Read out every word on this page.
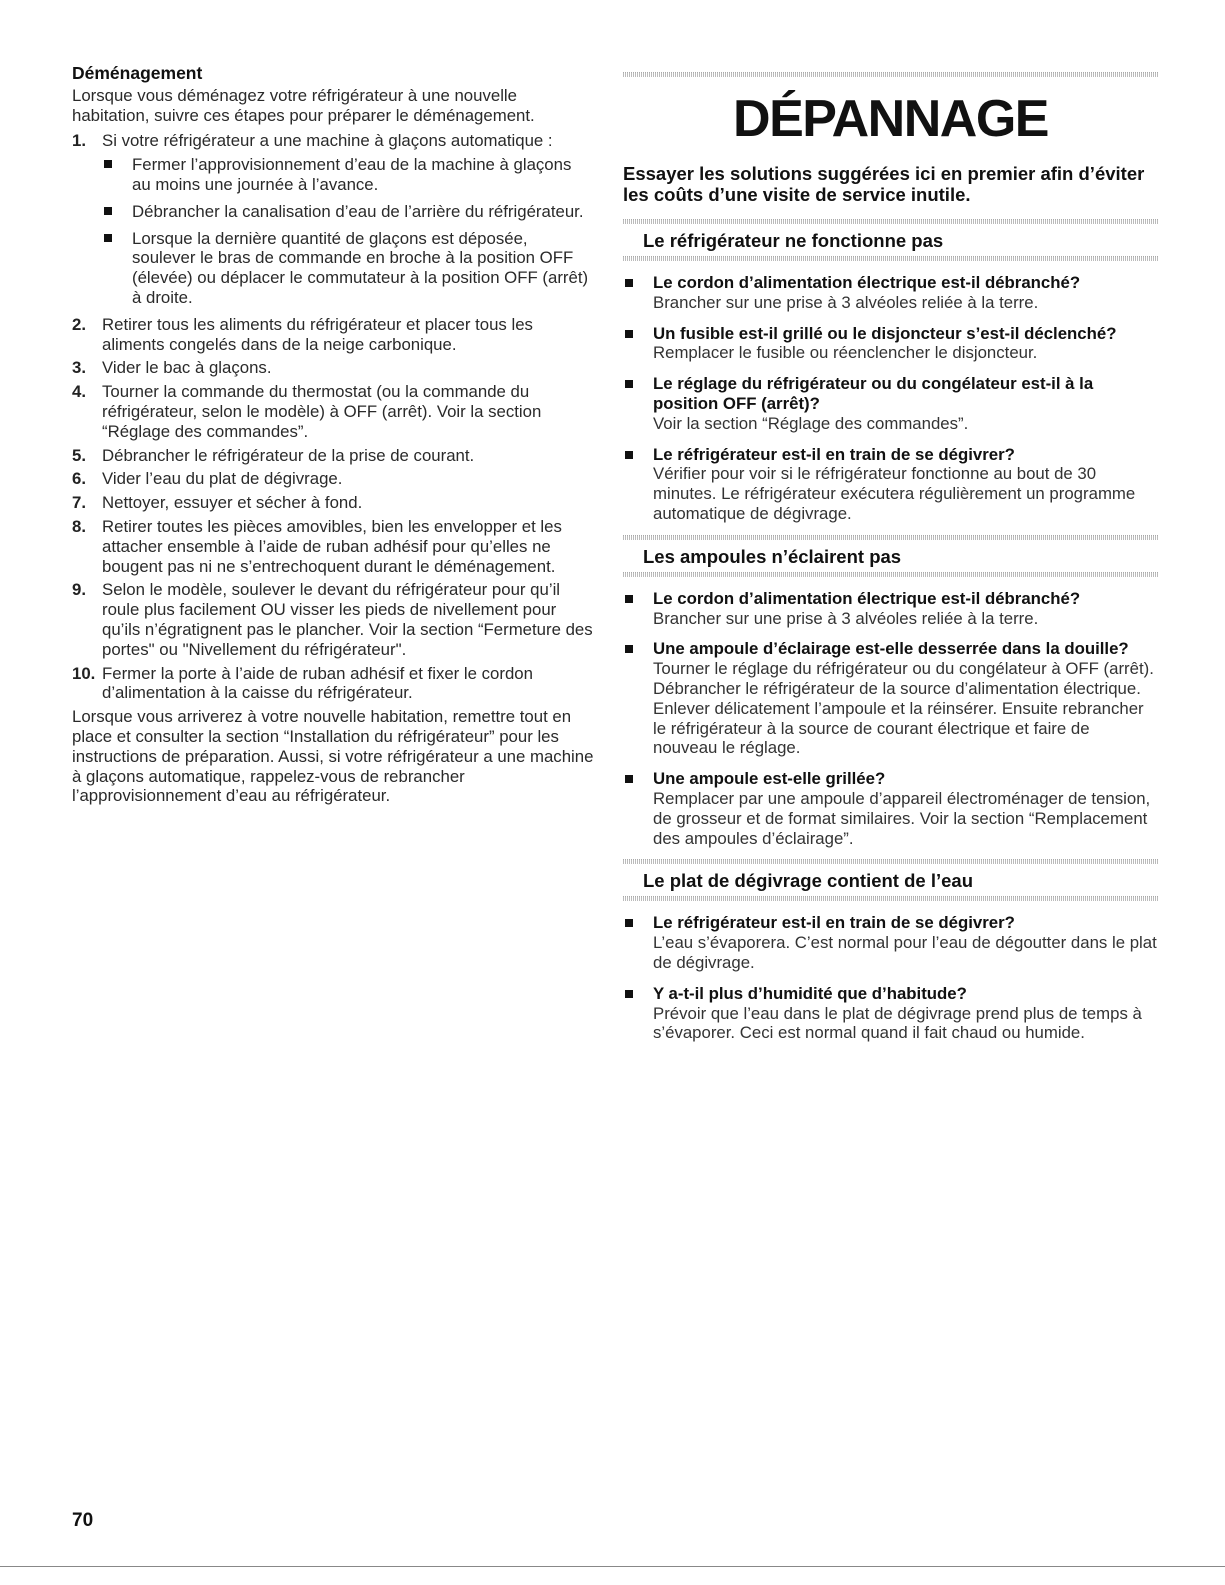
Déménagement

Lorsque vous déménagez votre réfrigérateur à une nouvelle habitation, suivre ces étapes pour préparer le déménagement.

1. Si votre réfrigérateur a une machine à glaçons automatique :
Fermer l’approvisionnement d’eau de la machine à glaçons au moins une journée à l’avance.
Débrancher la canalisation d’eau de l’arrière du réfrigérateur.
Lorsque la dernière quantité de glaçons est déposée, soulever le bras de commande en broche à la position OFF (élevée) ou déplacer le commutateur à la position OFF (arrêt) à droite.
2. Retirer tous les aliments du réfrigérateur et placer tous les aliments congelés dans de la neige carbonique.
3. Vider le bac à glaçons.
4. Tourner la commande du thermostat (ou la commande du réfrigérateur, selon le modèle) à OFF (arrêt). Voir la section “Réglage des commandes”.
5. Débrancher le réfrigérateur de la prise de courant.
6. Vider l’eau du plat de dégivrage.
7. Nettoyer, essuyer et sécher à fond.
8. Retirer toutes les pièces amovibles, bien les envelopper et les attacher ensemble à l’aide de ruban adhésif pour qu’elles ne bougent pas ni ne s’entrechoquent durant le déménagement.
9. Selon le modèle, soulever le devant du réfrigérateur pour qu’il roule plus facilement OU visser les pieds de nivellement pour qu’ils n’égratignent pas le plancher. Voir la section “Fermeture des portes" ou "Nivellement du réfrigérateur".
10. Fermer la porte à l’aide de ruban adhésif et fixer le cordon d’alimentation à la caisse du réfrigérateur.

Lorsque vous arriverez à votre nouvelle habitation, remettre tout en place et consulter la section “Installation du réfrigérateur” pour les instructions de préparation. Aussi, si votre réfrigérateur a une machine à glaçons automatique, rappelez-vous de rebrancher l’approvisionnement d’eau au réfrigérateur.

DÉPANNAGE
Essayer les solutions suggérées ici en premier afin d’éviter les coûts d’une visite de service inutile.
Le réfrigérateur ne fonctionne pas
Le cordon d’alimentation électrique est-il débranché?
Brancher sur une prise à 3 alvéoles reliée à la terre.
Un fusible est-il grillé ou le disjoncteur s’est-il déclenché?
Remplacer le fusible ou réenclencher le disjoncteur.
Le réglage du réfrigérateur ou du congélateur est-il à la position OFF (arrêt)?
Voir la section “Réglage des commandes”.
Le réfrigérateur est-il en train de se dégivrer?
Vérifier pour voir si le réfrigérateur fonctionne au bout de 30 minutes. Le réfrigérateur exécutera régulièrement un programme automatique de dégivrage.
Les ampoules n’éclairent pas
Le cordon d’alimentation électrique est-il débranché?
Brancher sur une prise à 3 alvéoles reliée à la terre.
Une ampoule d’éclairage est-elle desserrée dans la douille?
Tourner le réglage du réfrigérateur ou du congélateur à OFF (arrêt). Débrancher le réfrigérateur de la source d’alimentation électrique. Enlever délicatement l’ampoule et la réinsérer. Ensuite rebrancher le réfrigérateur à la source de courant électrique et faire de nouveau le réglage.
Une ampoule est-elle grillée?
Remplacer par une ampoule d’appareil électroménager de tension, de grosseur et de format similaires. Voir la section “Remplacement des ampoules d’éclairage”.
Le plat de dégivrage contient de l’eau
Le réfrigérateur est-il en train de se dégivrer?
L’eau s’évaporera. C’est normal pour l’eau de dégoutter dans le plat de dégivrage.
Y a-t-il plus d’humidité que d’habitude?
Prévoir que l’eau dans le plat de dégivrage prend plus de temps à s’évaporer. Ceci est normal quand il fait chaud ou humide.
70
